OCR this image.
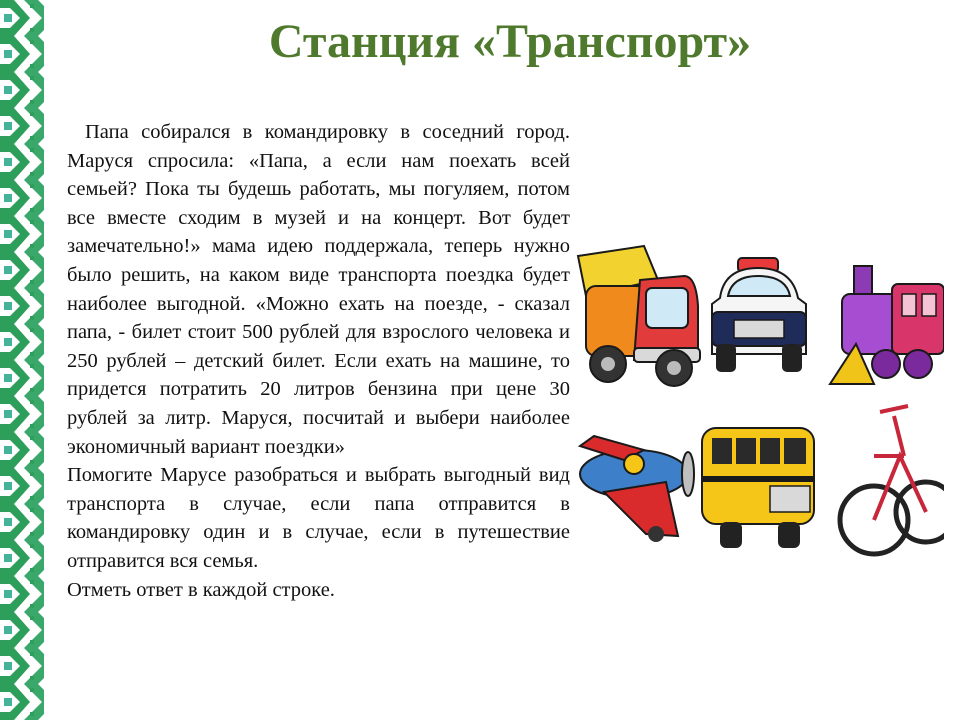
Станция «Транспорт»

Папа собирался в командировку в соседний город. Маруся спросила: «Папа, а если нам поехать всей семьей? Пока ты будешь работать, мы погуляем, потом все вместе сходим в музей и на концерт. Вот будет замечательно!» мама идею поддержала, теперь нужно было решить, на каком виде транспорта поездка будет наиболее выгодной. «Можно ехать на поезде, - сказал папа, - билет стоит 500 рублей для взрослого человека и 250 рублей – детский билет. Если ехать на машине, то придется потратить 20 литров бензина при цене 30 рублей за литр. Маруся, посчитай и выбери наиболее экономичный вариант поездки»

Помогите Марусе разобраться и выбрать выгодный вид транспорта в случае, если папа отправится в командировку один и в случае, если в путешествие отправится вся семья.

Отметь ответ в каждой строке.
